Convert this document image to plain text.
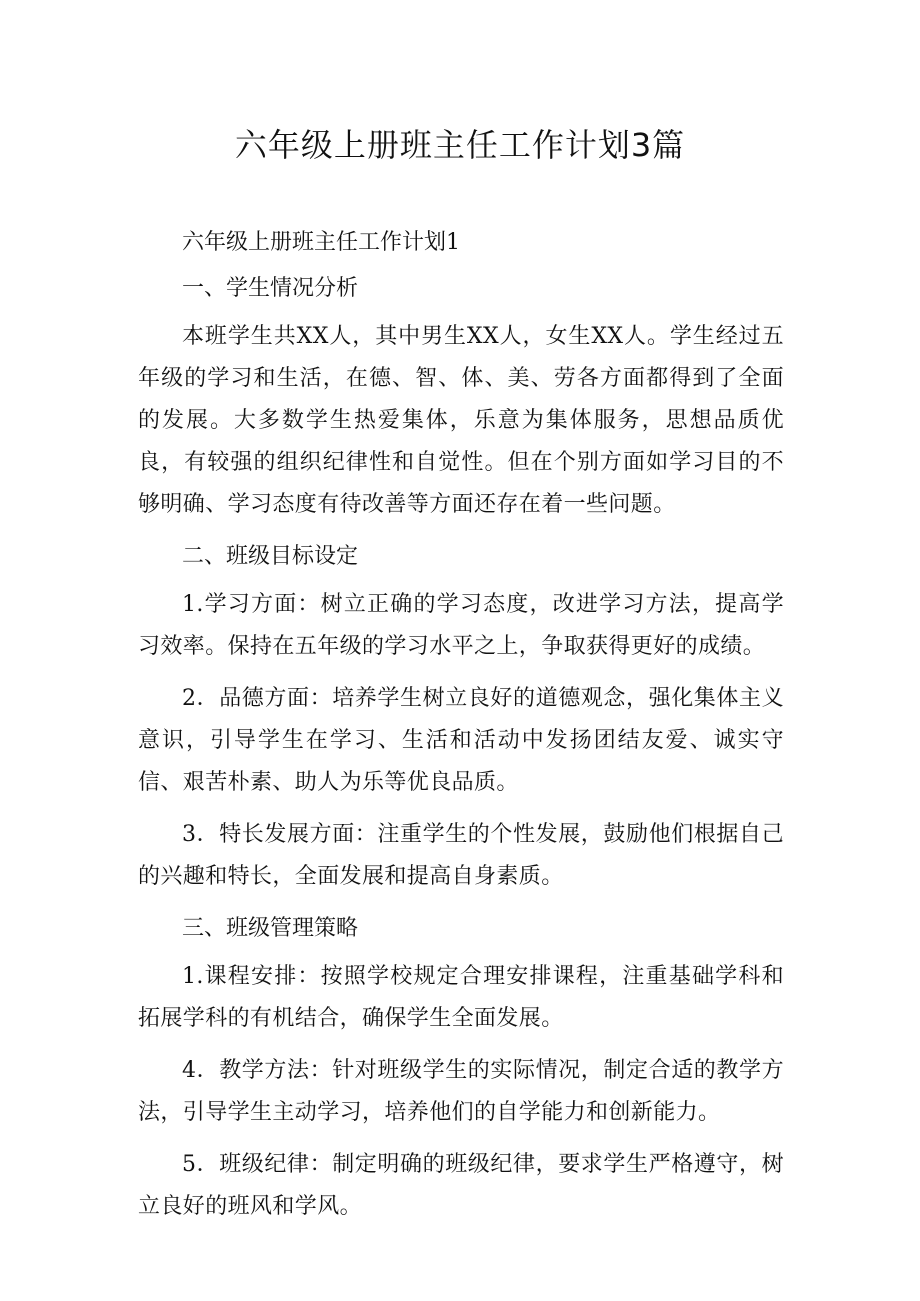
六年级上册班主任工作计划3篇
六年级上册班主任工作计划1
一、学生情况分析

本班学生共XX人，其中男生XX人，女生XX人。学生经过五年级的学习和生活，在德、智、体、美、劳各方面都得到了全面的发展。大多数学生热爱集体，乐意为集体服务，思想品质优良，有较强的组织纪律性和自觉性。但在个别方面如学习目的不够明确、学习态度有待改善等方面还存在着一些问题。

二、班级目标设定

1.学习方面：树立正确的学习态度，改进学习方法，提高学习效率。保持在五年级的学习水平之上，争取获得更好的成绩。

2．品德方面：培养学生树立良好的道德观念，强化集体主义意识，引导学生在学习、生活和活动中发扬团结友爱、诚实守信、艰苦朴素、助人为乐等优良品质。

3．特长发展方面：注重学生的个性发展，鼓励他们根据自己的兴趣和特长，全面发展和提高自身素质。

三、班级管理策略

1.课程安排：按照学校规定合理安排课程，注重基础学科和拓展学科的有机结合，确保学生全面发展。

4．教学方法：针对班级学生的实际情况，制定合适的教学方法，引导学生主动学习，培养他们的自学能力和创新能力。

5．班级纪律：制定明确的班级纪律，要求学生严格遵守，树立良好的班风和学风。
